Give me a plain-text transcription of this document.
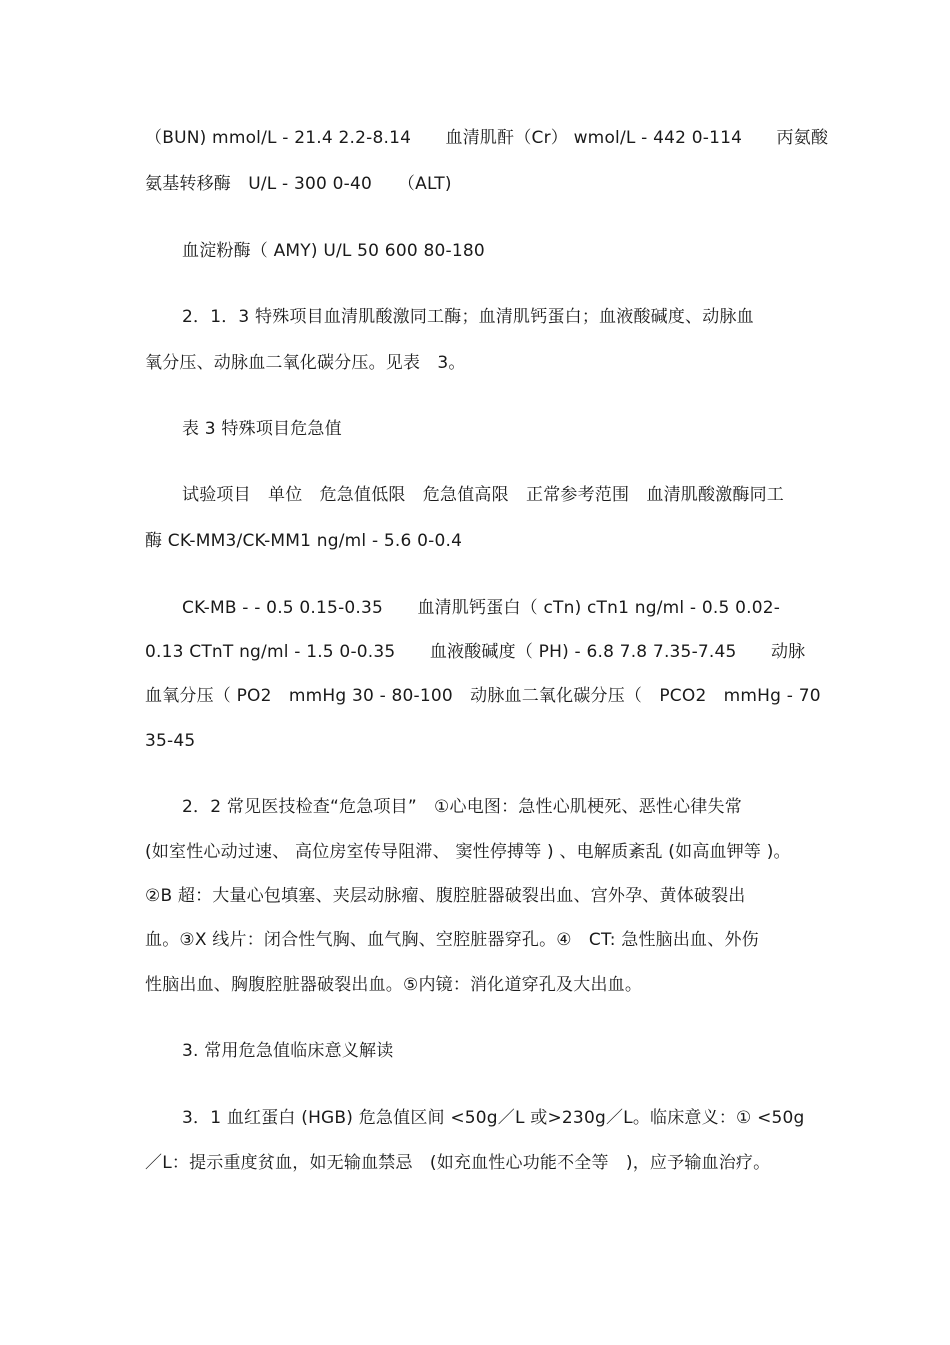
（BUN) mmol/L - 21.4 2.2-8.14　　血清肌酐（Cr） wmol/L - 442 0-114　　丙氨酸
氨基转移酶　U/L - 300 0-40　　（ALT)
血淀粉酶（ AMY) U/L 50 600 80-180
2．1．3 特殊项目血清肌酸激同工酶；血清肌钙蛋白；血液酸碱度、动脉血
氧分压、动脉血二氧化碳分压。见表　3。
表 3 特殊项目危急值
试验项目　单位　危急值低限　危急值高限　正常参考范围　血清肌酸激酶同工
酶 CK-MM3/CK-MM1 ng/ml - 5.6 0-0.4
CK-MB - - 0.5 0.15-0.35　　血清肌钙蛋白（ cTn) cTn1 ng/ml - 0.5 0.02-
0.13 CTnT ng/ml - 1.5 0-0.35　　血液酸碱度（ PH) - 6.8 7.8 7.35-7.45　　动脉
血氧分压（ PO2　mmHg 30 - 80-100　动脉血二氧化碳分压（　PCO2　mmHg - 70
35-45
2．2 常见医技检查“危急项目”　①心电图：急性心肌梗死、恶性心律失常
(如室性心动过速、 高位房室传导阻滞、 窦性停搏等 ) 、电解质紊乱 (如高血钾等 )。
②B 超：大量心包填塞、夹层动脉瘤、腹腔脏器破裂出血、宫外孕、黄体破裂出
血。③X 线片：闭合性气胸、血气胸、空腔脏器穿孔。④　CT: 急性脑出血、外伤
性脑出血、胸腹腔脏器破裂出血。⑤内镜：消化道穿孔及大出血。
3. 常用危急值临床意义解读
3．1 血红蛋白 (HGB) 危急值区间 <50g／L 或>230g／L。临床意义：① <50g
／L：提示重度贫血，如无输血禁忌　(如充血性心功能不全等　)，应予输血治疗。
